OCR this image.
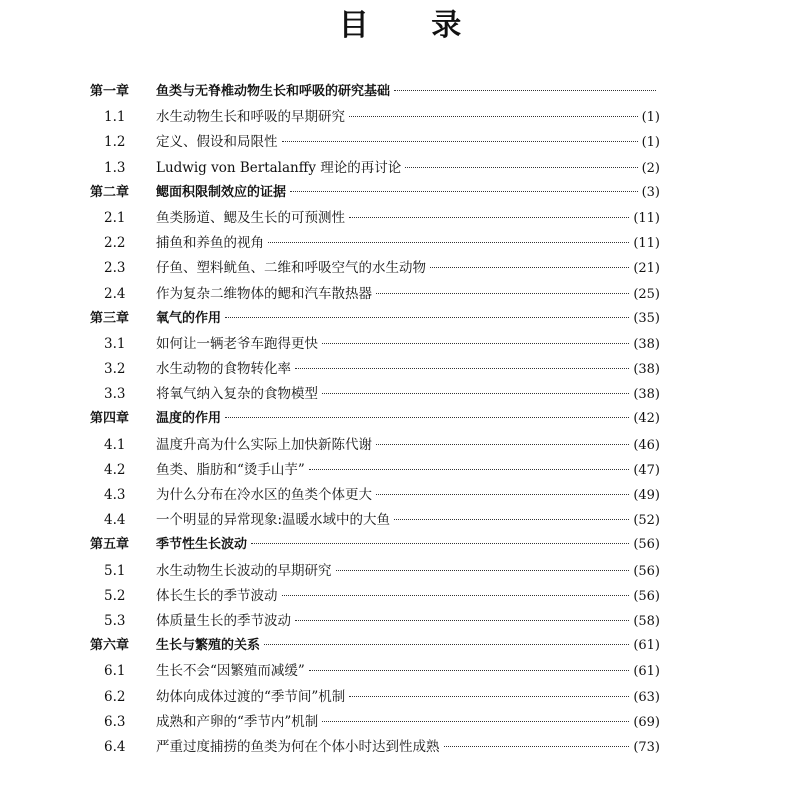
目 录
第一章	鱼类与无脊椎动物生长和呼吸的研究基础
1.1	水生动物生长和呼吸的早期研究	(1)
1.2	定义、假设和局限性	(1)
1.3	Ludwig von Bertalanffy 理论的再讨论	(2)
第二章	鳃面积限制效应的证据	(3)
2.1	鱼类肠道、鳃及生长的可预测性	(11)
2.2	捕鱼和养鱼的视角	(11)
2.3	仔鱼、塑料鱿鱼、二维和呼吸空气的水生动物	(21)
2.4	作为复杂二维物体的鳃和汽车散热器	(25)
第三章	氧气的作用	(35)
3.1	如何让一辆老爷车跑得更快	(38)
3.2	水生动物的食物转化率	(38)
3.3	将氧气纳入复杂的食物模型	(38)
第四章	温度的作用	(42)
4.1	温度升高为什么实际上加快新陈代谢	(46)
4.2	鱼类、脂肪和“烫手山芋”	(47)
4.3	为什么分布在冷水区的鱼类个体更大	(49)
4.4	一个明显的异常现象:温暖水域中的大鱼	(52)
第五章	季节性生长波动	(56)
5.1	水生动物生长波动的早期研究	(56)
5.2	体长生长的季节波动	(56)
5.3	体质量生长的季节波动	(58)
第六章	生长与繁殖的关系	(61)
6.1	生长不会“因繁殖而减缓”	(61)
6.2	幼体向成体过渡的“季节间”机制	(63)
6.3	成熟和产卵的“季节内”机制	(69)
6.4	严重过度捕捞的鱼类为何在个体小时达到性成熟	(73)
